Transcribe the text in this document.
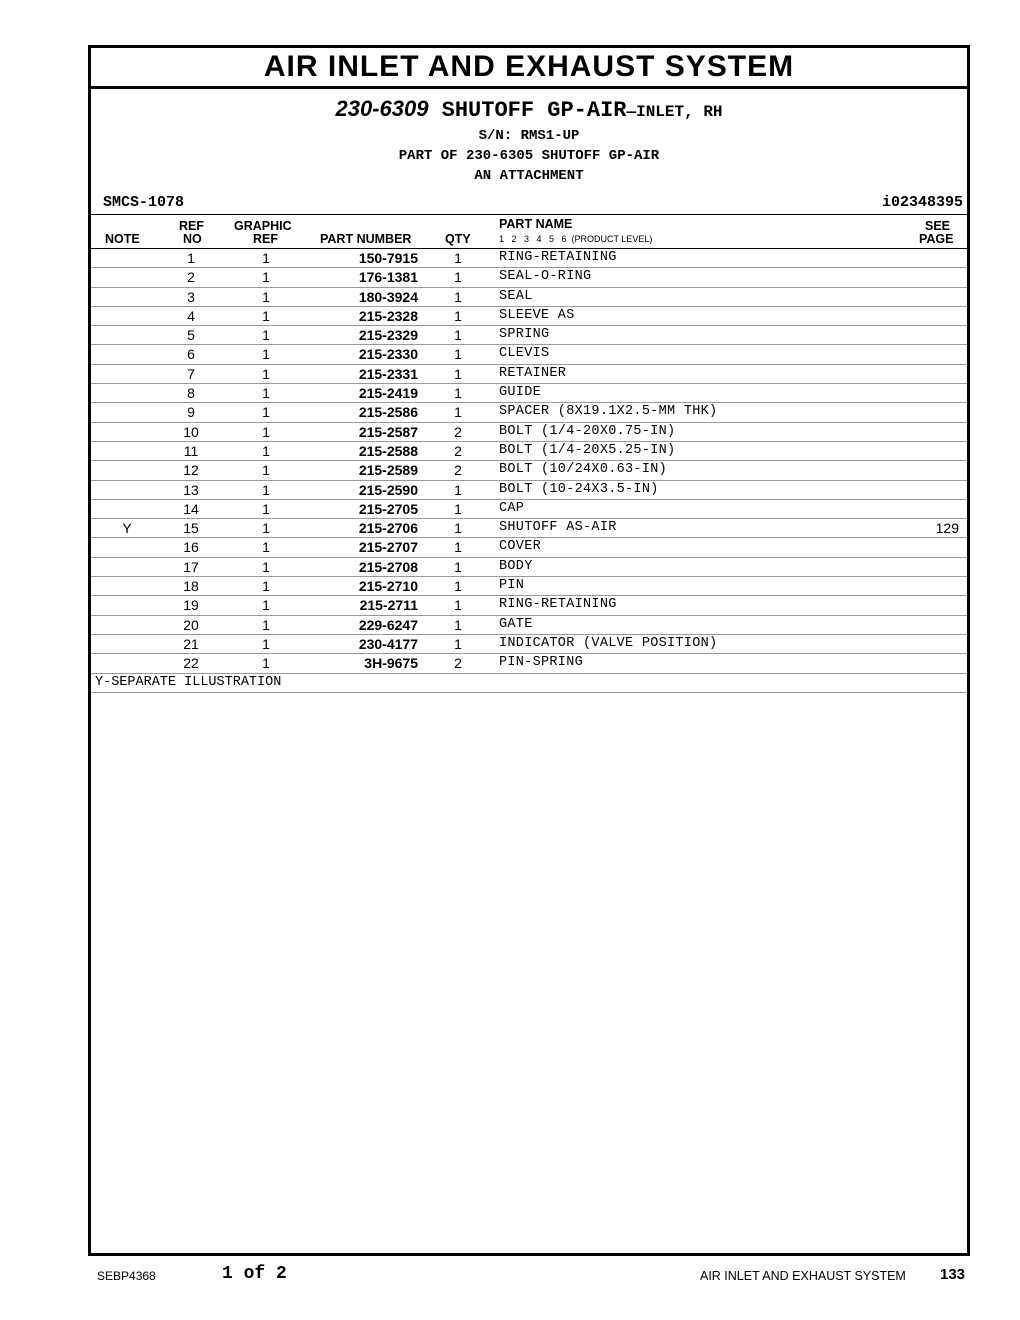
AIR INLET AND EXHAUST SYSTEM
230-6309 SHUTOFF GP-AIR—INLET, RH
S/N: RMS1-UP
PART OF 230-6305 SHUTOFF GP-AIR
AN ATTACHMENT
SMCS-1078	i02348395
NOTE
REF
NO
GRAPHIC
REF	PART NUMBER	QTY
PART NAME
1   2   3   4   5   6  (PRODUCT LEVEL)
SEE
PAGE
1	1	150-7915	1	RING-RETAINING
2	1	176-1381	1	SEAL-O-RING
3	1	180-3924	1	SEAL
4	1	215-2328	1	SLEEVE AS
5	1	215-2329	1	SPRING
6	1	215-2330	1	CLEVIS
7	1	215-2331	1	RETAINER
8	1	215-2419	1	GUIDE
9	1	215-2586	1	SPACER (8X19.1X2.5-MM THK)
10	1	215-2587	2	BOLT (1/4-20X0.75-IN)
11	1	215-2588	2	BOLT (1/4-20X5.25-IN)
12	1	215-2589	2	BOLT (10/24X0.63-IN)
13	1	215-2590	1	BOLT (10-24X3.5-IN)
14	1	215-2705	1	CAP
Y	15	1	215-2706	1	SHUTOFF AS-AIR	129
16	1	215-2707	1	COVER
17	1	215-2708	1	BODY
18	1	215-2710	1	PIN
19	1	215-2711	1	RING-RETAINING
20	1	229-6247	1	GATE
21	1	230-4177	1	INDICATOR (VALVE POSITION)
22	1	3H-9675	2	PIN-SPRING
Y-SEPARATE ILLUSTRATION
SEBP4368	1 of 2	AIR INLET AND EXHAUST SYSTEM 133
